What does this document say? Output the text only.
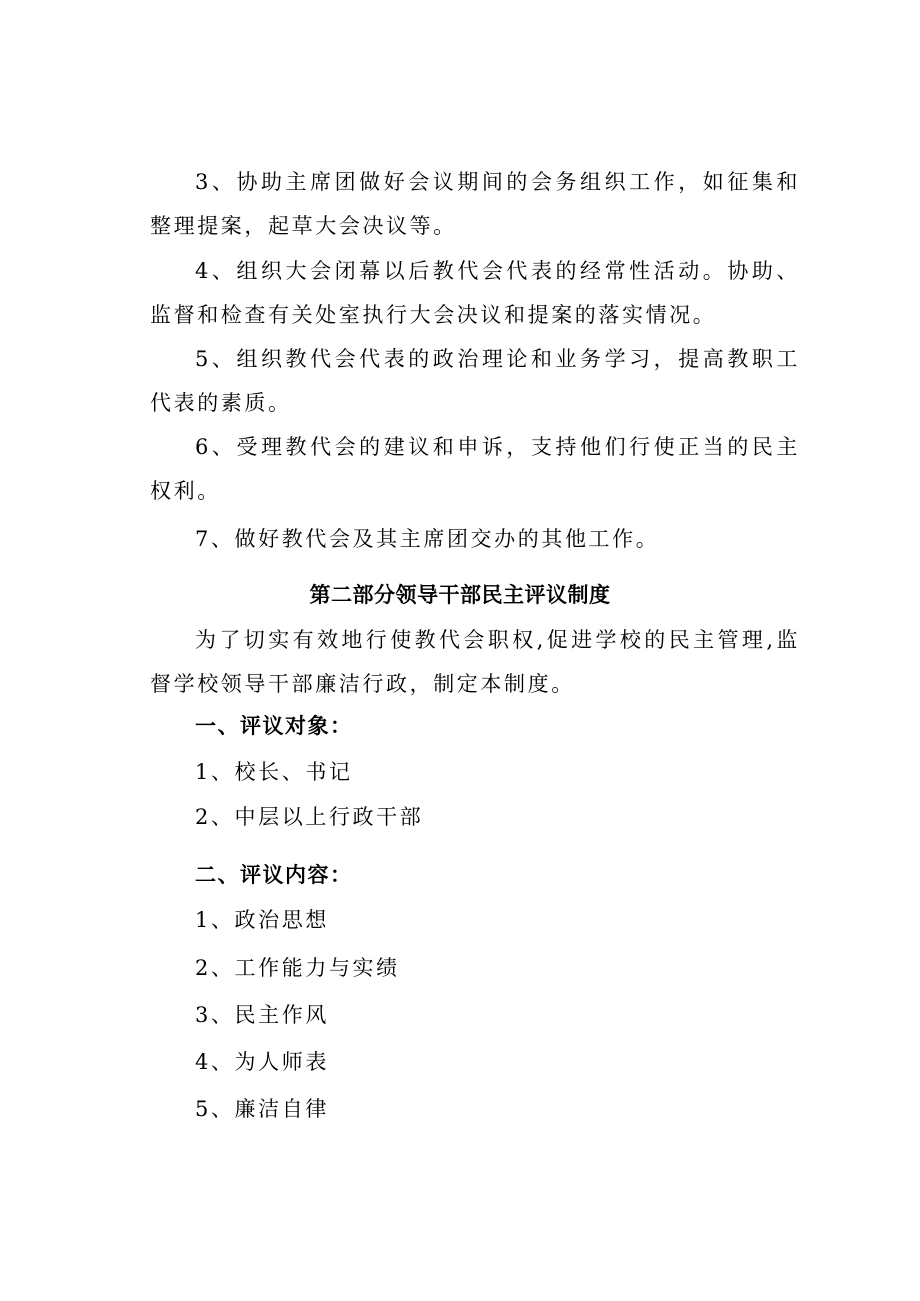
3、协助主席团做好会议期间的会务组织工作，如征集和整理提案，起草大会决议等。

4、组织大会闭幕以后教代会代表的经常性活动。协助、监督和检查有关处室执行大会决议和提案的落实情况。

5、组织教代会代表的政治理论和业务学习，提高教职工代表的素质。

6、受理教代会的建议和申诉，支持他们行使正当的民主权利。

7、做好教代会及其主席团交办的其他工作。

第二部分领导干部民主评议制度

为了切实有效地行使教代会职权,促进学校的民主管理,监督学校领导干部廉洁行政，制定本制度。

一、评议对象：

1、校长、书记

2、中层以上行政干部

二、评议内容：

1、政治思想

2、工作能力与实绩

3、民主作风

4、为人师表

5、廉洁自律
